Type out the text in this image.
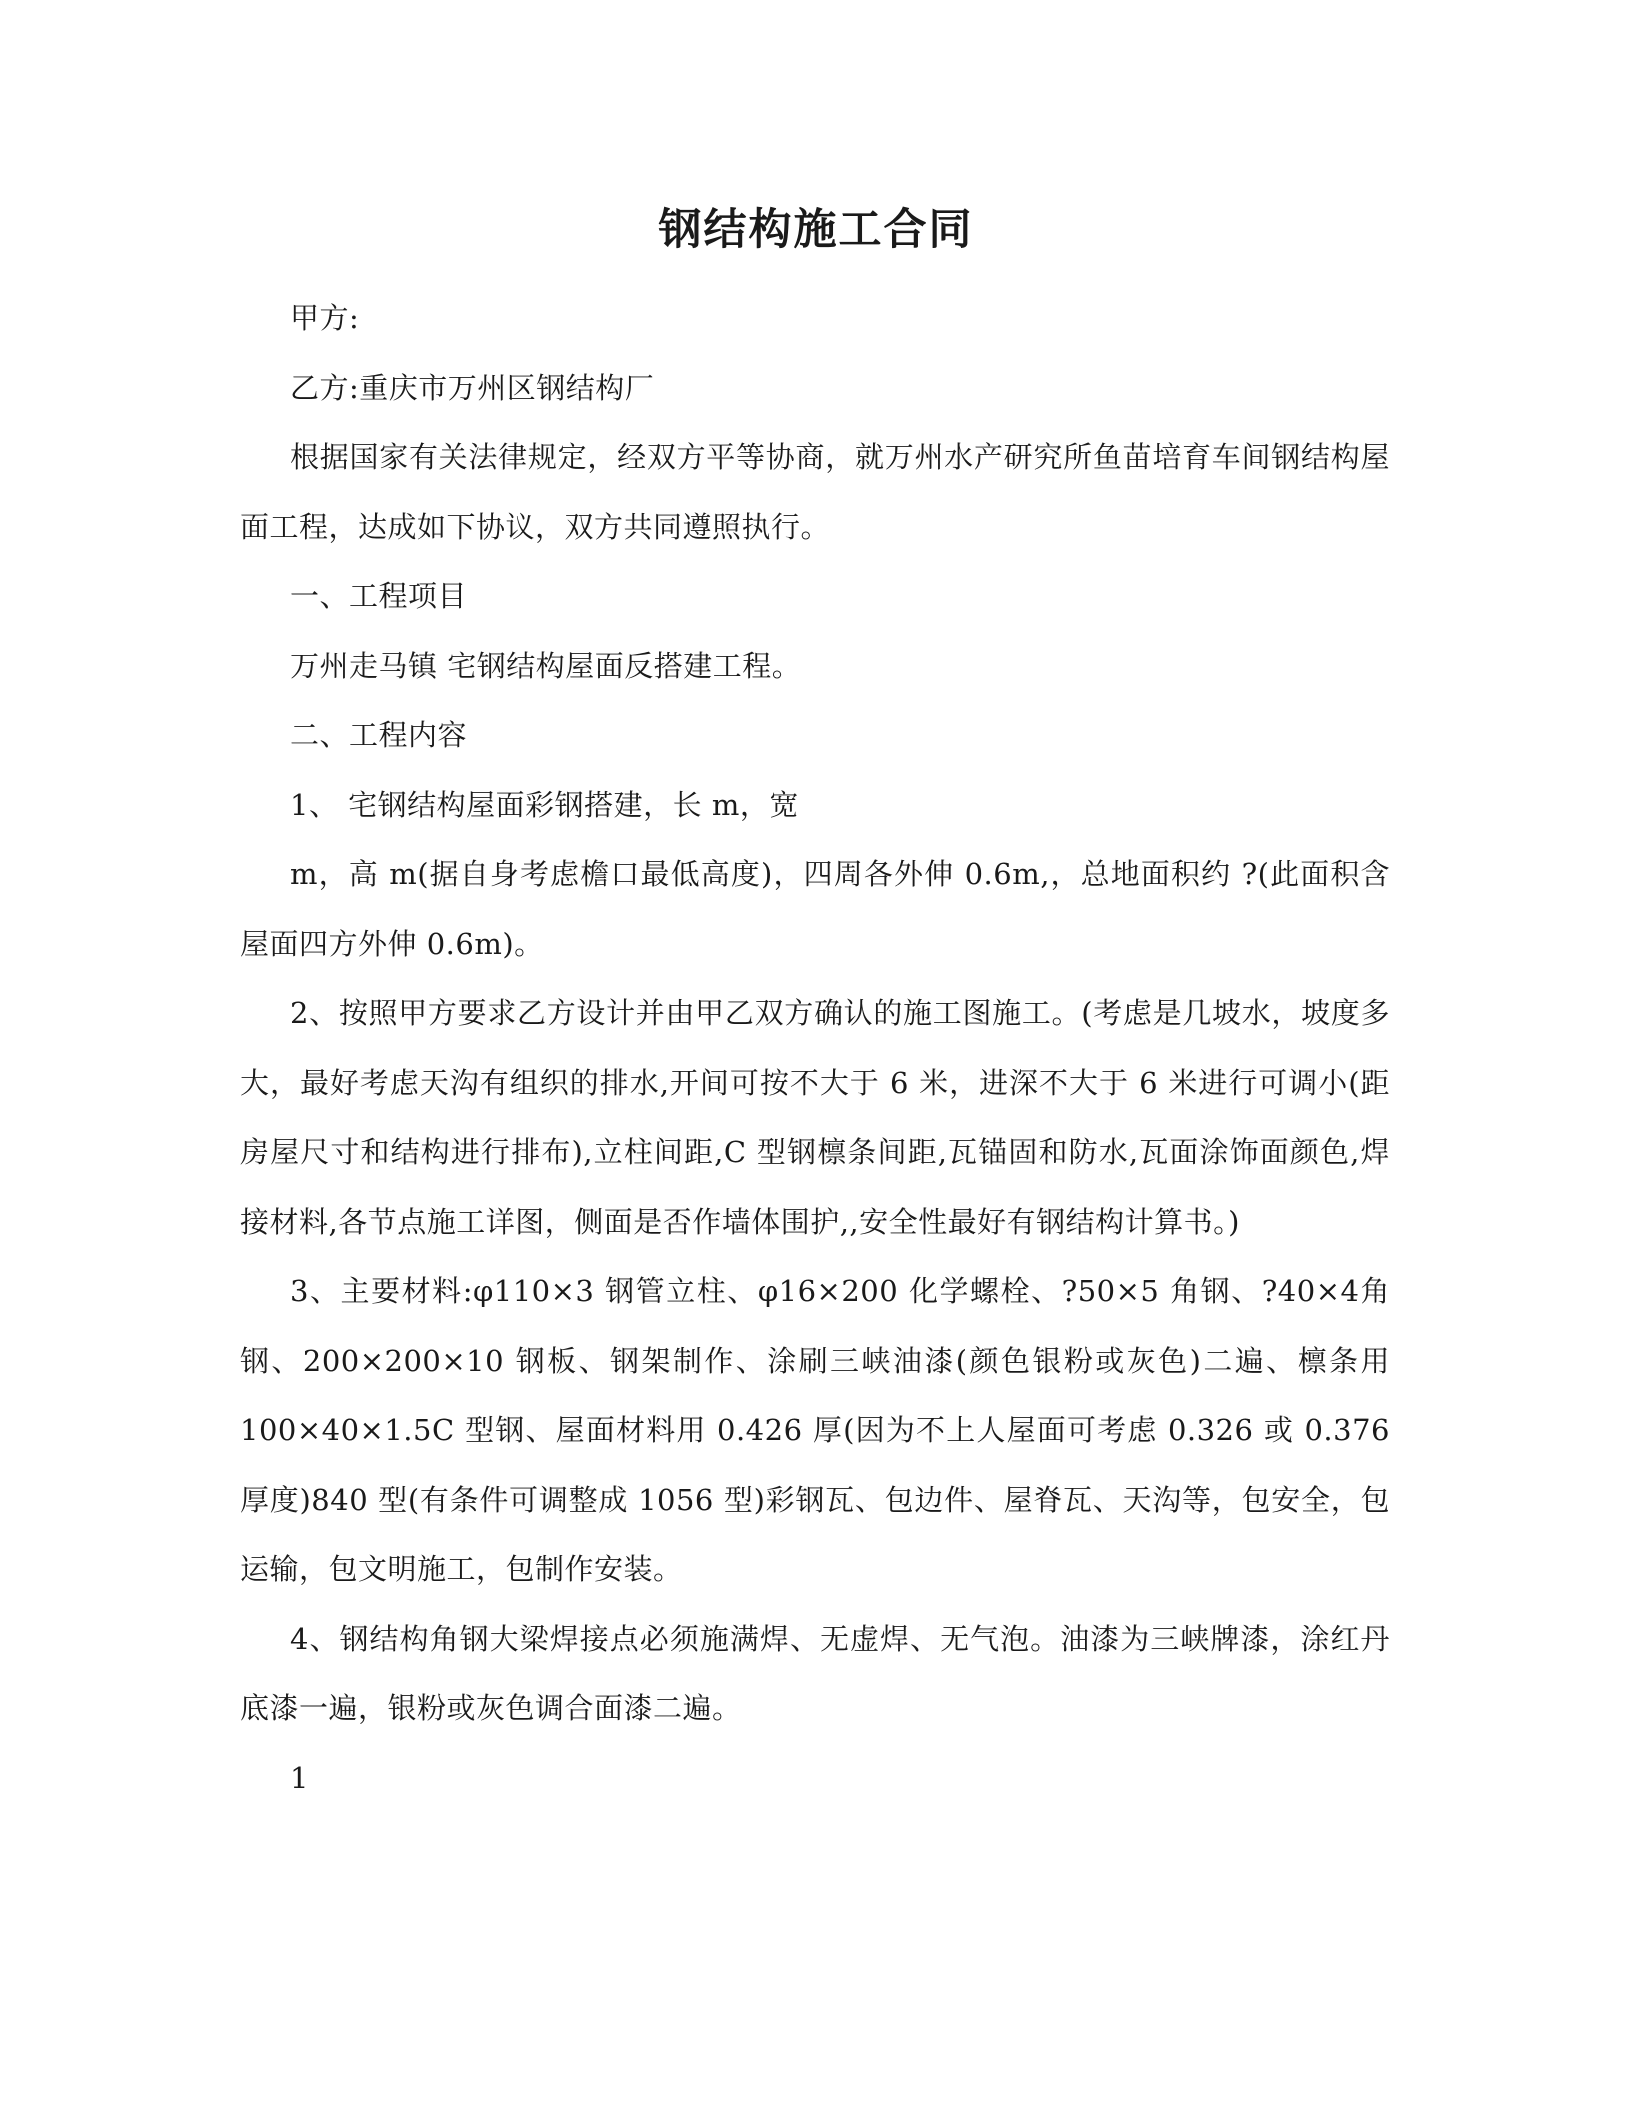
钢结构施工合同

甲方:

乙方:重庆市万州区钢结构厂

根据国家有关法律规定，经双方平等协商，就万州水产研究所鱼苗培育车间钢结构屋面工程，达成如下协议，双方共同遵照执行。

一、工程项目

万州走马镇 宅钢结构屋面反搭建工程。

二、工程内容

1、 宅钢结构屋面彩钢搭建，长 m，宽

m，高 m(据自身考虑檐口最低高度)，四周各外伸 0.6m,，总地面积约 ?(此面积含屋面四方外伸 0.6m)。

2、按照甲方要求乙方设计并由甲乙双方确认的施工图施工。(考虑是几坡水，坡度多大，最好考虑天沟有组织的排水,开间可按不大于 6 米，进深不大于 6 米进行可调小(距房屋尺寸和结构进行排布),立柱间距,C 型钢檩条间距,瓦锚固和防水,瓦面涂饰面颜色,焊接材料,各节点施工详图，侧面是否作墙体围护,,安全性最好有钢结构计算书。)

3、主要材料:φ110×3 钢管立柱、φ16×200 化学螺栓、?50×5 角钢、?40×4角钢、200×200×10 钢板、钢架制作、涂刷三峡油漆(颜色银粉或灰色)二遍、檩条用 100×40×1.5C 型钢、屋面材料用 0.426 厚(因为不上人屋面可考虑 0.326 或 0.376 厚度)840 型(有条件可调整成 1056 型)彩钢瓦、包边件、屋脊瓦、天沟等，包安全，包运输，包文明施工，包制作安装。

4、钢结构角钢大梁焊接点必须施满焊、无虚焊、无气泡。油漆为三峡牌漆，涂红丹底漆一遍，银粉或灰色调合面漆二遍。

1
